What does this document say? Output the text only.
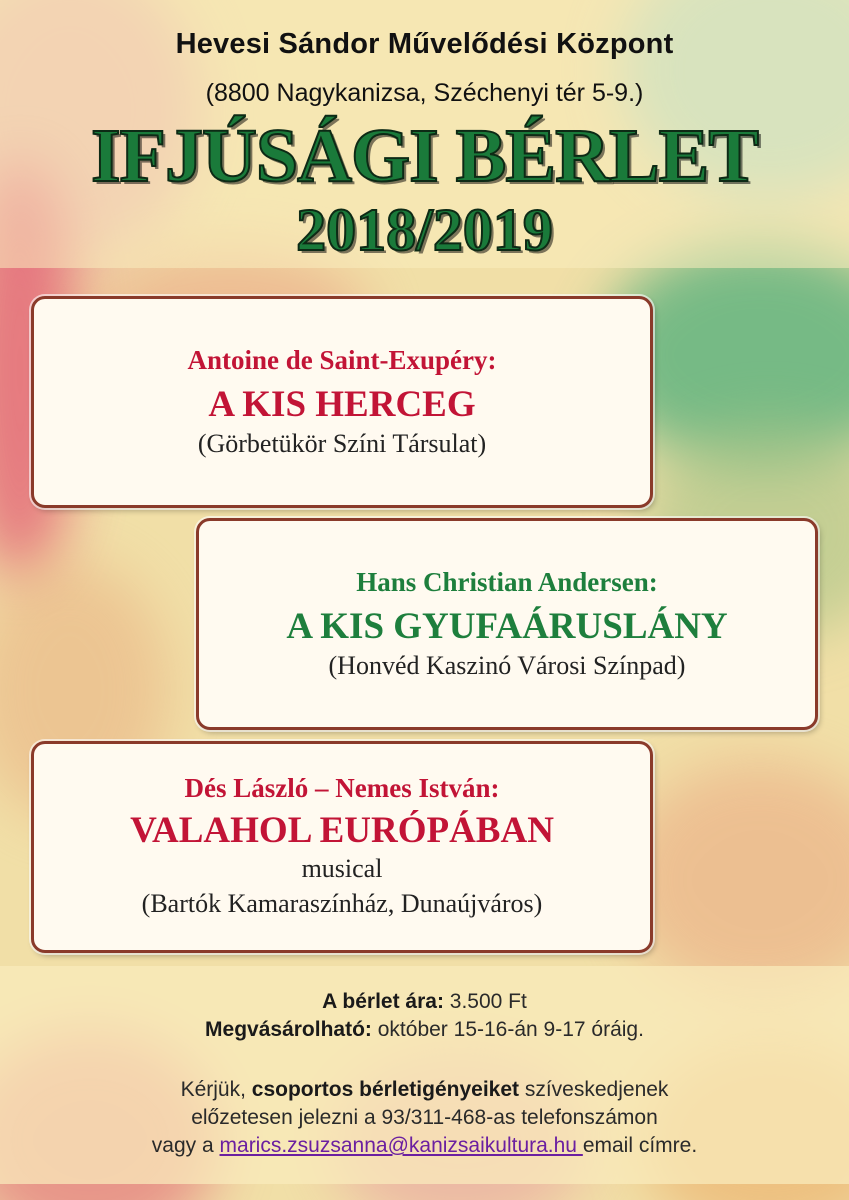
Hevesi Sándor Művelődési Központ
(8800 Nagykanizsa, Széchenyi tér 5-9.)
IFJÚSÁGI BÉRLET
2018/2019
Antoine de Saint-Exupéry:
A KIS HERCEG
(Görbetükör Színi Társulat)
Hans Christian Andersen:
A KIS GYUFAÁRUSLÁNY
(Honvéd Kaszinó Városi Színpad)
Dés László – Nemes István:
VALAHOL EURÓPÁBAN
musical
(Bartók Kamaraszínház, Dunaújváros)
A bérlet ára: 3.500 Ft
Megvásárolható: október 15-16-án 9-17 óráig.
Kérjük, csoportos bérletigényeiket szíveskedjenek
előzetesen jelezni a 93/311-468-as telefonszámon
vagy a marics.zsuzsanna@kanizsaikultura.hu email címre.
